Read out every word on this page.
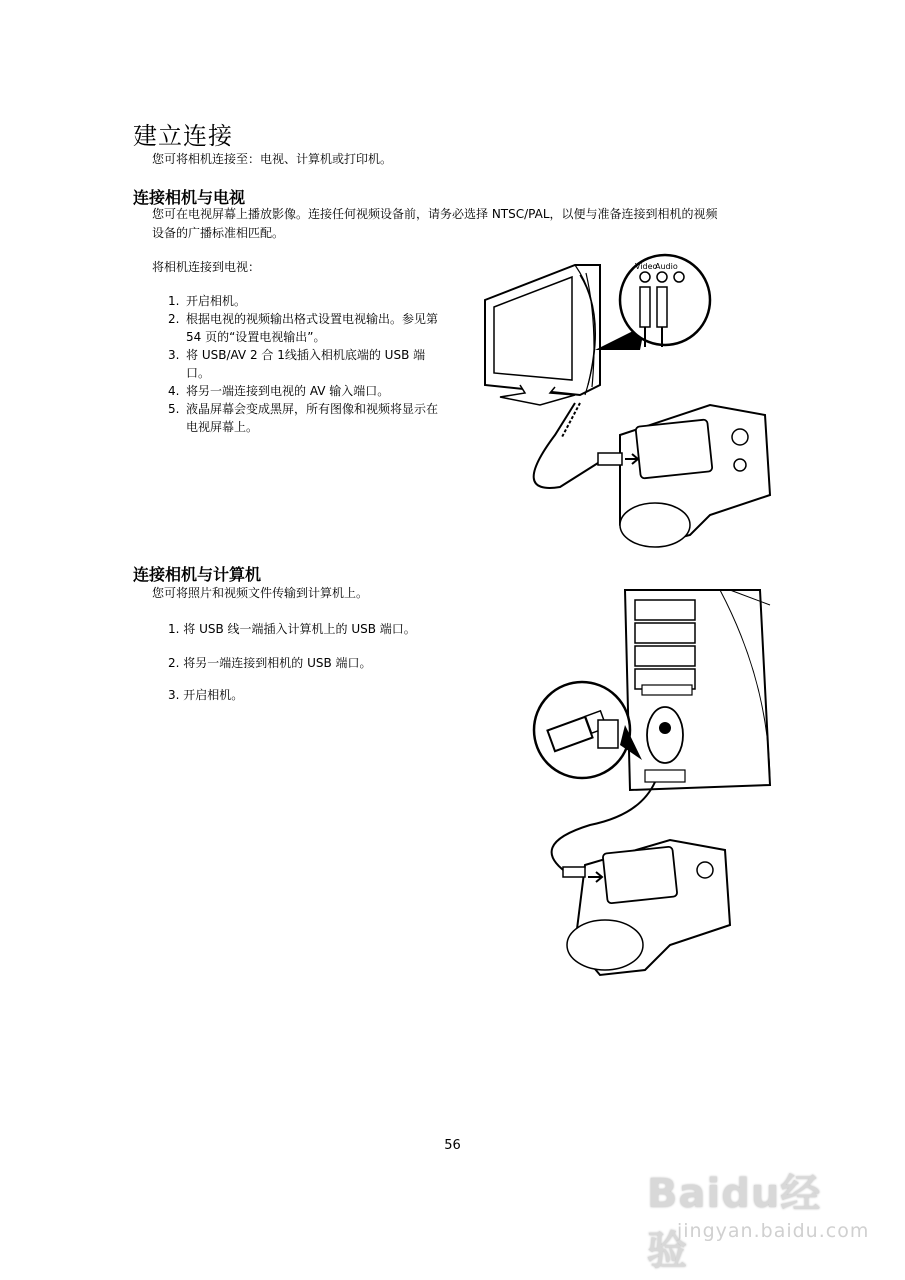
建立连接

您可将相机连接至：电视、计算机或打印机。

连接相机与电视

您可在电视屏幕上播放影像。连接任何视频设备前，请务必选择 NTSC/PAL，以便与准备连接到相机的视频

设备的广播标准相匹配。

将相机连接到电视：

1. 开启相机。
2. 根据电视的视频输出格式设置电视输出。参见第
54 页的“设置电视输出”。
3. 将 USB/AV 2 合 1线插入相机底端的 USB 端
口。
4. 将另一端连接到电视的 AV 输入端口。
5. 液晶屏幕会变成黑屏，所有图像和视频将显示在
电视屏幕上。
Video
Audio
连接相机与计算机

您可将照片和视频文件传输到计算机上。

1. 将 USB 线一端插入计算机上的 USB 端口。
2. 将另一端连接到相机的 USB 端口。
3. 开启相机。
56
Baidu经验
jingyan.baidu.com
